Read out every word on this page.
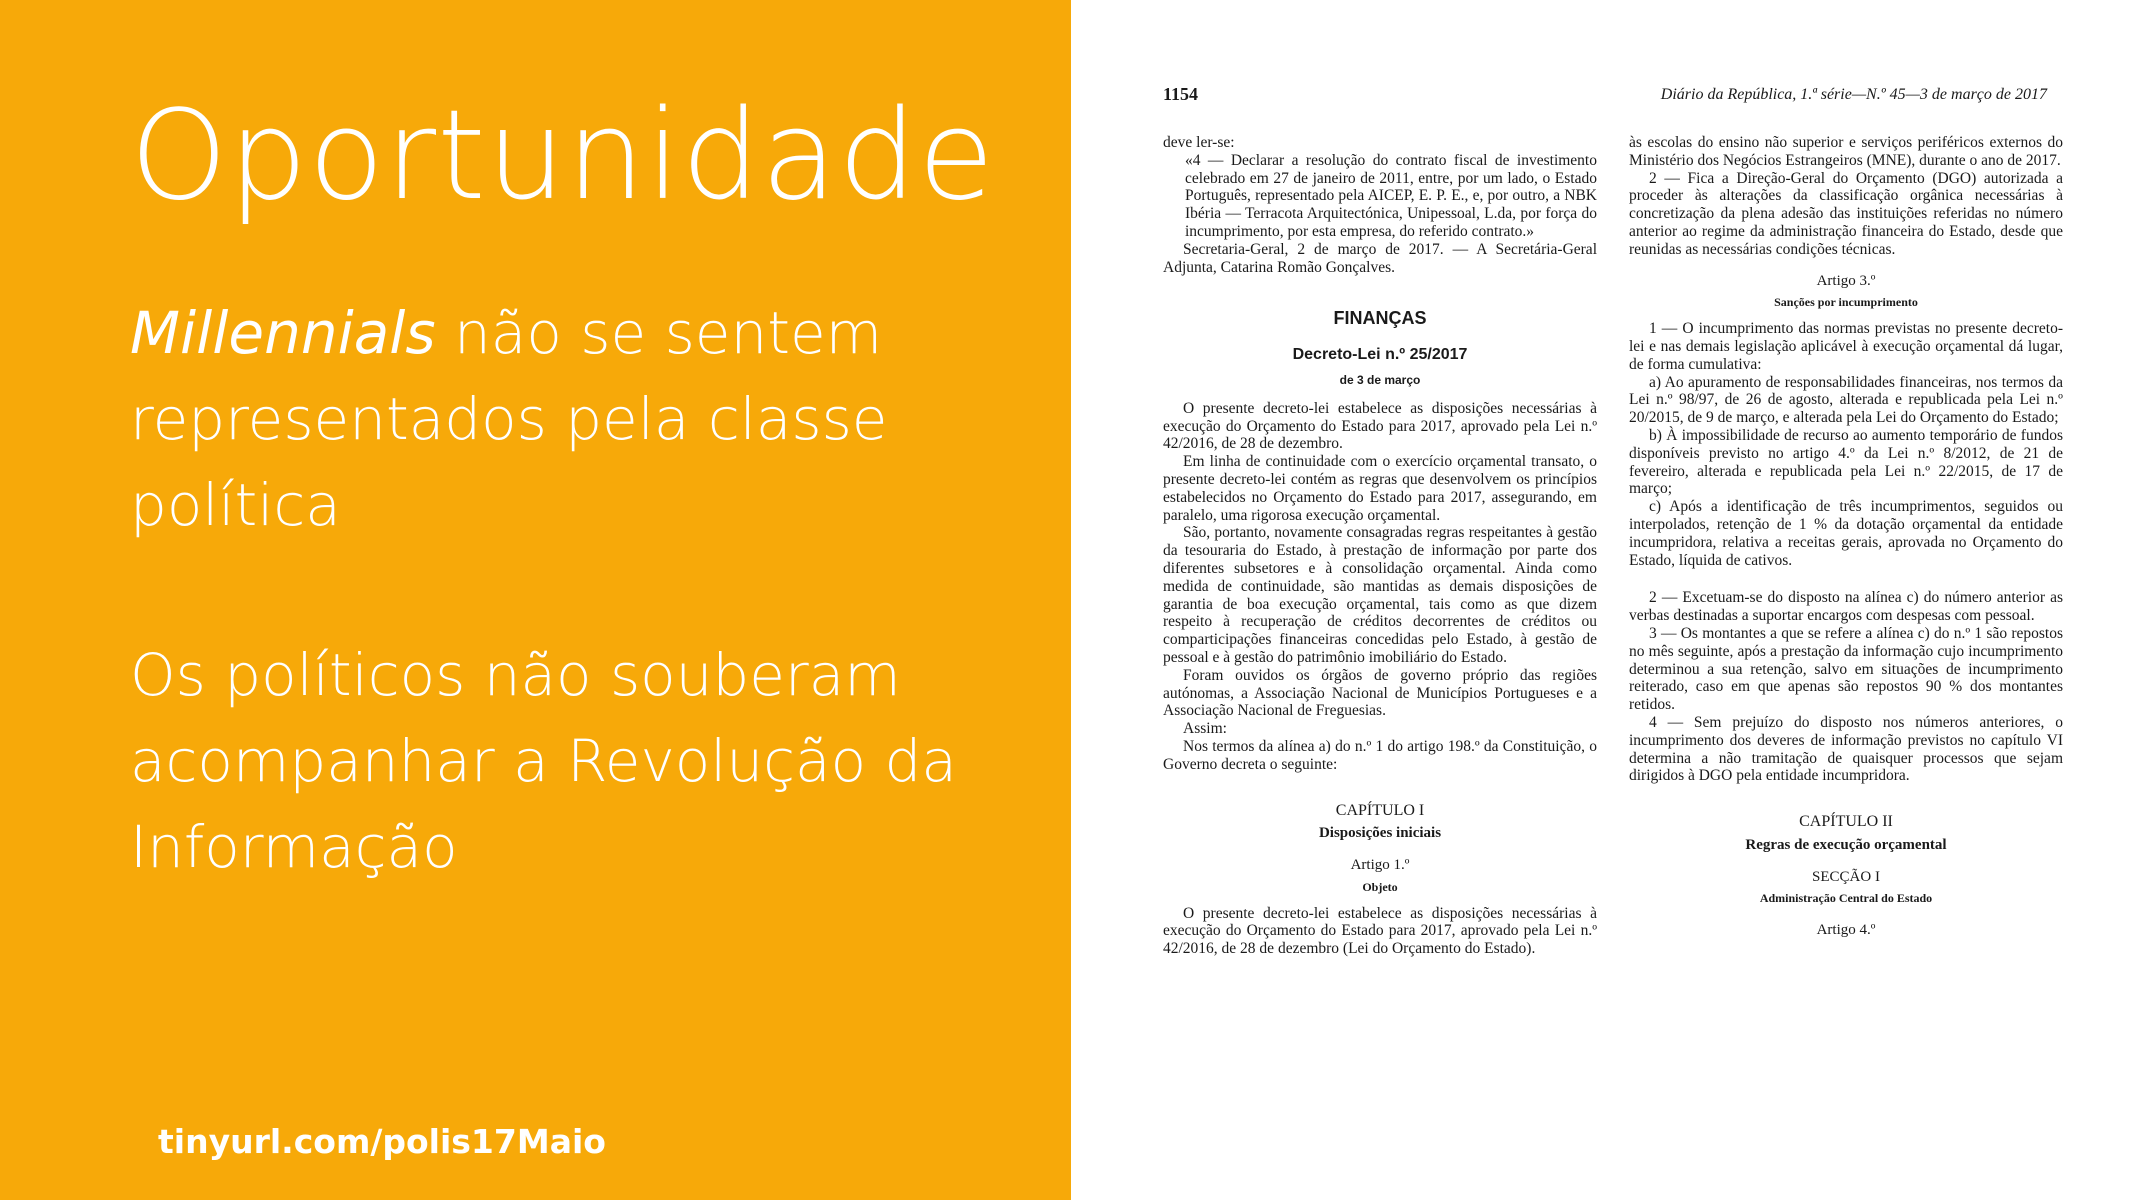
Oportunidade
Millennials não se sentem representados pela classe política
Os políticos não souberam acompanhar a Revolução da Informação
tinyurl.com/polis17Maio
1154	Diário da República, 1.ª série—N.º 45—3 de março de 2017

deve ler-se:

«4 — Declarar a resolução do contrato fiscal de investimento celebrado em 27 de janeiro de 2011, entre, por um lado, o Estado Português, representado pela AICEP, E. P. E., e, por outro, a NBK Ibéria — Terracota Arquitectónica, Unipessoal, L.da, por força do incumprimento, por esta empresa, do referido contrato.»

Secretaria-Geral, 2 de março de 2017. — A Secretária-Geral Adjunta, Catarina Romão Gonçalves.

FINANÇAS
Decreto-Lei n.º 25/2017
de 3 de março

O presente decreto-lei estabelece as disposições necessárias à execução do Orçamento do Estado para 2017, aprovado pela Lei n.º 42/2016, de 28 de dezembro.

Em linha de continuidade com o exercício orçamental transato, o presente decreto-lei contém as regras que desenvolvem os princípios estabelecidos no Orçamento do Estado para 2017, assegurando, em paralelo, uma rigorosa execução orçamental.

São, portanto, novamente consagradas regras respeitantes à gestão da tesouraria do Estado, à prestação de informação por parte dos diferentes subsetores e à consolidação orçamental. Ainda como medida de continuidade, são mantidas as demais disposições de garantia de boa execução orçamental, tais como as que dizem respeito à recuperação de créditos decorrentes de créditos ou comparticipações financeiras concedidas pelo Estado, à gestão de pessoal e à gestão do patrimônio imobiliário do Estado.

Foram ouvidos os órgãos de governo próprio das regiões autónomas, a Associação Nacional de Municípios Portugueses e a Associação Nacional de Freguesias.

Assim:

Nos termos da alínea a) do n.º 1 do artigo 198.º da Constituição, o Governo decreta o seguinte:

CAPÍTULO I
Disposições iniciais
Artigo 1.º
Objeto

O presente decreto-lei estabelece as disposições necessárias à execução do Orçamento do Estado para 2017, aprovado pela Lei n.º 42/2016, de 28 de dezembro (Lei do Orçamento do Estado).

às escolas do ensino não superior e serviços periféricos externos do Ministério dos Negócios Estrangeiros (MNE), durante o ano de 2017.

2 — Fica a Direção-Geral do Orçamento (DGO) autorizada a proceder às alterações da classificação orgânica necessárias à concretização da plena adesão das instituições referidas no número anterior ao regime da administração financeira do Estado, desde que reunidas as necessárias condições técnicas.

Artigo 3.º
Sanções por incumprimento

1 — O incumprimento das normas previstas no presente decreto-lei e nas demais legislação aplicável à execução orçamental dá lugar, de forma cumulativa:

a) Ao apuramento de responsabilidades financeiras, nos termos da Lei n.º 98/97, de 26 de agosto, alterada e republicada pela Lei n.º 20/2015, de 9 de março, e alterada pela Lei do Orçamento do Estado;

b) À impossibilidade de recurso ao aumento temporário de fundos disponíveis previsto no artigo 4.º da Lei n.º 8/2012, de 21 de fevereiro, alterada e republicada pela Lei n.º 22/2015, de 17 de março;

c) Após a identificação de três incumprimentos, seguidos ou interpolados, retenção de 1 % da dotação orçamental da entidade incumpridora, relativa a receitas gerais, aprovada no Orçamento do Estado, líquida de cativos.

2 — Excetuam-se do disposto na alínea c) do número anterior as verbas destinadas a suportar encargos com despesas com pessoal.

3 — Os montantes a que se refere a alínea c) do n.º 1 são repostos no mês seguinte, após a prestação da informação cujo incumprimento determinou a sua retenção, salvo em situações de incumprimento reiterado, caso em que apenas são repostos 90 % dos montantes retidos.

4 — Sem prejuízo do disposto nos números anteriores, o incumprimento dos deveres de informação previstos no capítulo VI determina a não tramitação de quaisquer processos que sejam dirigidos à DGO pela entidade incumpridora.

CAPÍTULO II
Regras de execução orçamental
SECÇÃO I
Administração Central do Estado
Artigo 4.º
